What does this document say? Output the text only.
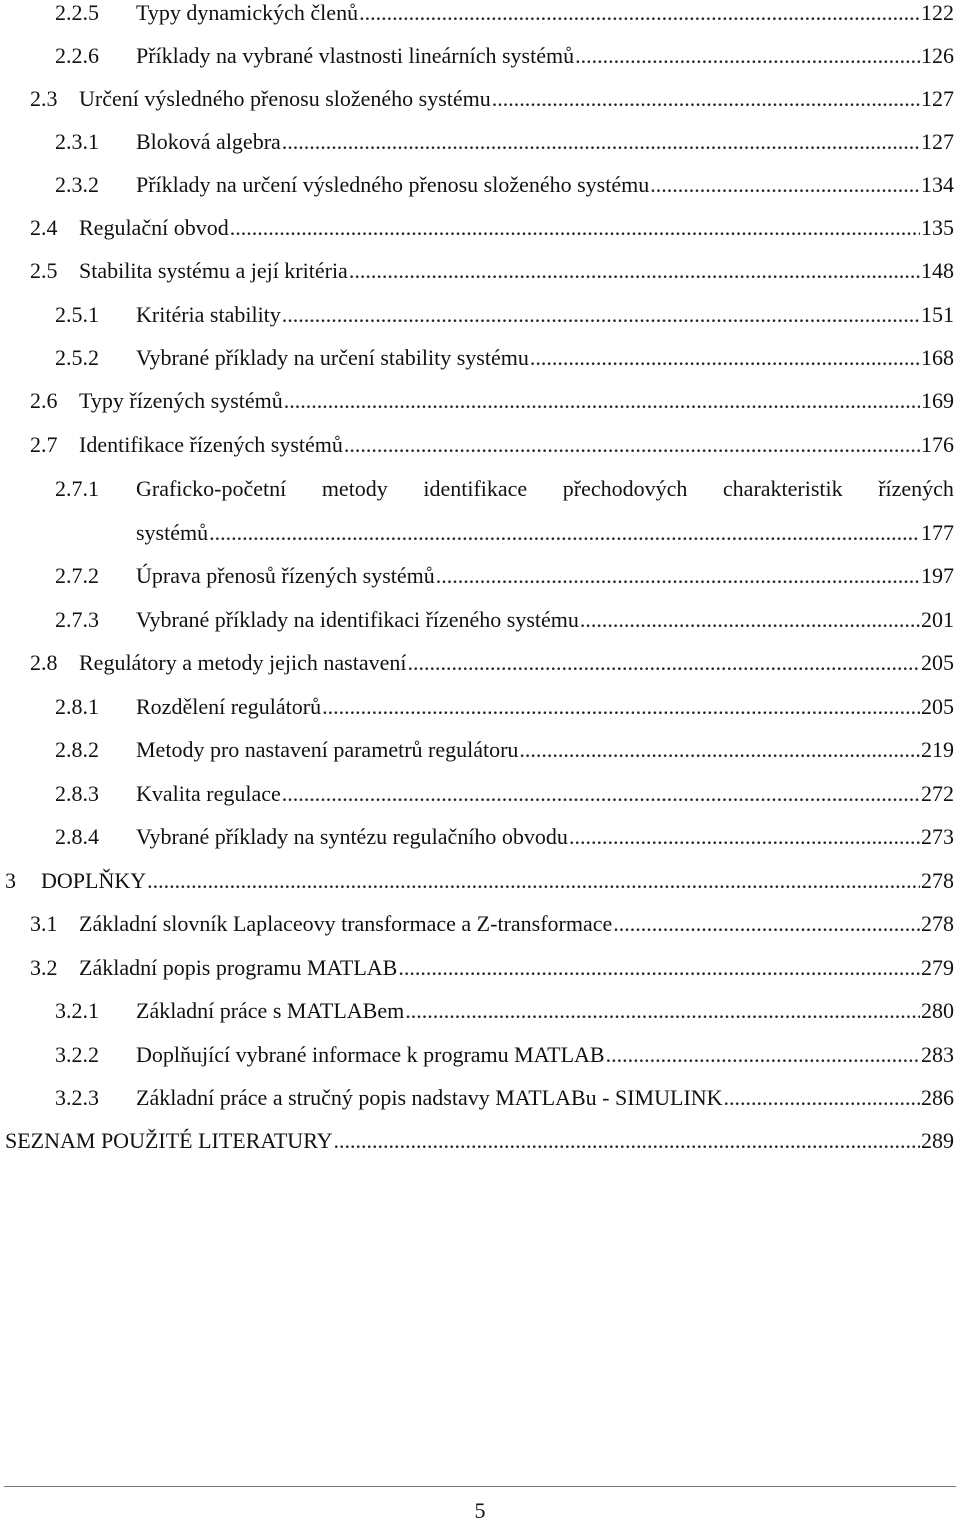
2.2.5	Typy dynamických členů .....	122
2.2.6	Příklady na vybrané vlastnosti lineárních systémů .....	126
2.3 Určení výsledného přenosu složeného systému .....	127
2.3.1	Bloková algebra .....	127
2.3.2	Příklady na určení výsledného přenosu složeného systému .....	134
2.4 Regulační obvod .....	135
2.5 Stabilita systému a její kritéria .....	148
2.5.1	Kritéria stability .....	151
2.5.2	Vybrané příklady na určení stability systému .....	168
2.6 Typy řízených systémů .....	169
2.7 Identifikace řízených systémů .....	176
2.7.1	Graficko-početní metody identifikace přechodových charakteristik řízených
systémů .....	177
2.7.2	Úprava přenosů řízených systémů .....	197
2.7.3	Vybrané příklady na identifikaci řízeného systému .....	201
2.8 Regulátory a metody jejich nastavení .....	205
2.8.1	Rozdělení regulátorů .....	205
2.8.2	Metody pro nastavení parametrů regulátoru .....	219
2.8.3	Kvalita regulace .....	272
2.8.4	Vybrané příklady na syntézu regulačního obvodu .....	273
3	DOPLŇKY .....	278
3.1 Základní slovník Laplaceovy transformace a Z-transformace .....	278
3.2 Základní popis programu MATLAB .....	279
3.2.1	Základní práce s MATLABem .....	280
3.2.2	Doplňující vybrané informace k programu MATLAB .....	283
3.2.3	Základní práce a stručný popis nadstavy MATLABu - SIMULINK .....	286
SEZNAM POUŽITÉ LITERATURY .....	289
5
